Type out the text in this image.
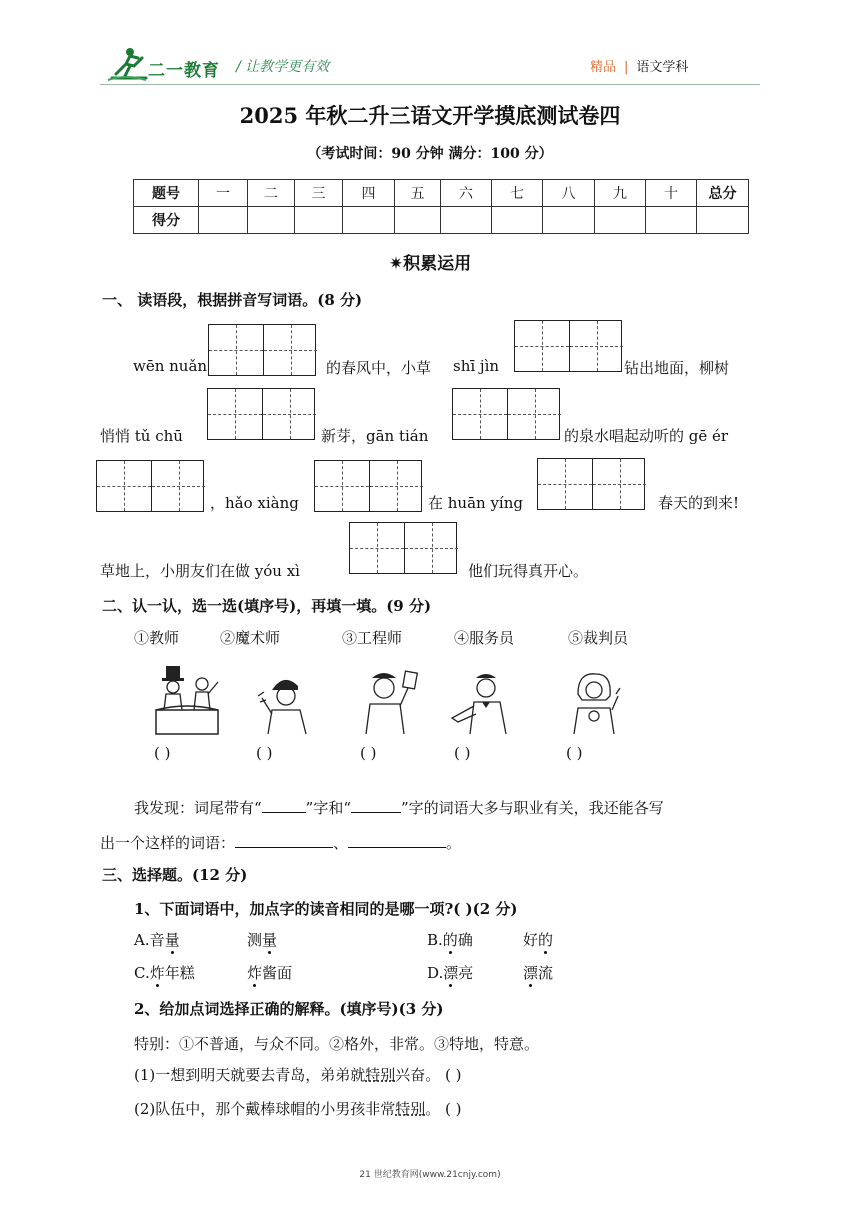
二一教育 / 让教学更有效	精品 | 语文学科
2025 年秋二升三语文开学摸底测试卷四
（考试时间：90 分钟 满分：100 分）
题号	一	二	三	四	五	六	七	八	九	十	总分
得分											
✷积累运用
一、 读语段，根据拼音写词语。(8 分)
wēn nuǎn	的春风中，小草 shī jìn	钻出地面，柳树
悄悄 tǔ chū	新芽，gān tián	的泉水唱起动听的 gē ér
，hǎo xiàng	在 huān yíng	春天的到来!
草地上，小朋友们在做 yóu xì	他们玩得真开心。
二、认一认，选一选(填序号)，再填一填。(9 分)
①教师	②魔术师	③工程师	④服务员	⑤裁判员
( )	( )	( )	( )	( )
我发现：词尾带有“	”字和“	”字的词语大多与职业有关，我还能各写
出一个这样的词语：	、	。
三、选择题。(12 分)
1、下面词语中，加点字的读音相同的是哪一项?( )(2 分)
A.音量	测量	B.的确	好的
C.炸年糕	炸酱面	D.漂亮	漂流
2、给加点词选择正确的解释。(填序号)(3 分)
特别：①不普通，与众不同。②格外，非常。③特地，特意。
(1)一想到明天就要去青岛，弟弟就特别兴奋。 ( )
(2)队伍中，那个戴棒球帽的小男孩非常特别。 ( )
21 世纪教育网(www.21cnjy.com)
